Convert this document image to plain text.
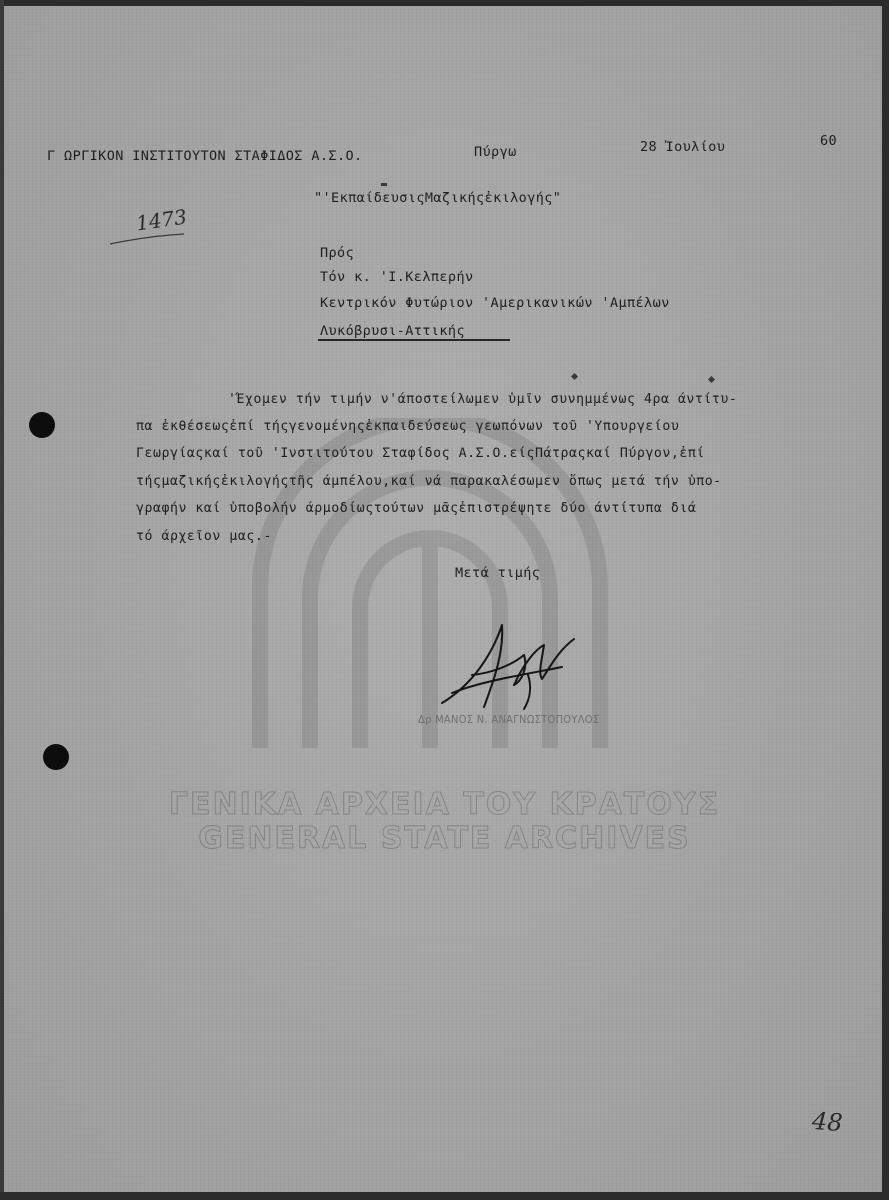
ΓΕΝΙΚΑ ΑΡΧΕΙΑ ΤΟΥ ΚΡΑΤΟΥΣ
GENERAL STATE ARCHIVES
Γ ΩΡΓΙΚΟΝ ΙΝΣΤΙΤΟΥΤΟΝ ΣΤΑΦΙΔΟΣ Α.Σ.Ο.	Πύργω	28 Ἰουλίου	60
1473
"'ΕκπαίδευσιςΜαζικήςἐκιλογής"
Πρός
Τόν κ. 'Ι.Κελπερήν
Κεντρικόν Φυτώριον 'Αμερικανικών 'Αμπέλων
Λυκόβρυσι-Αττικής
'Έχομεν τήν τιμήν ν'άποστείλωμεν ὑμῖν συνημμένως 4ρα άντίτυ-
πα ἐκθέσεωςἐπί τήςγενομένηςἐκπαιδεύσεως γεωπόνων τοῦ 'Υπουργείου
Γεωργίαςκαί τοῦ 'Ινστιτούτου Σταφίδος Α.Σ.Ο.είςΠάτραςκαί Πύργον,ἐπί
τήςμαζικήςἐκιλογήςτῆς άμπέλου,καί νά παρακαλέσωμεν ὅπως μετά τήν ὑπο-
γραφήν καί ὑποβολήν άρμοδίωςτούτων μᾶςἐπιστρέψητε δύο άντίτυπα διά
τό άρχεῖον μας.-
Μετά τιμής
Δρ ΜΑΝΟΣ Ν. ΑΝΑΓΝΩΣΤΟΠΟΥΛΟΣ
48
